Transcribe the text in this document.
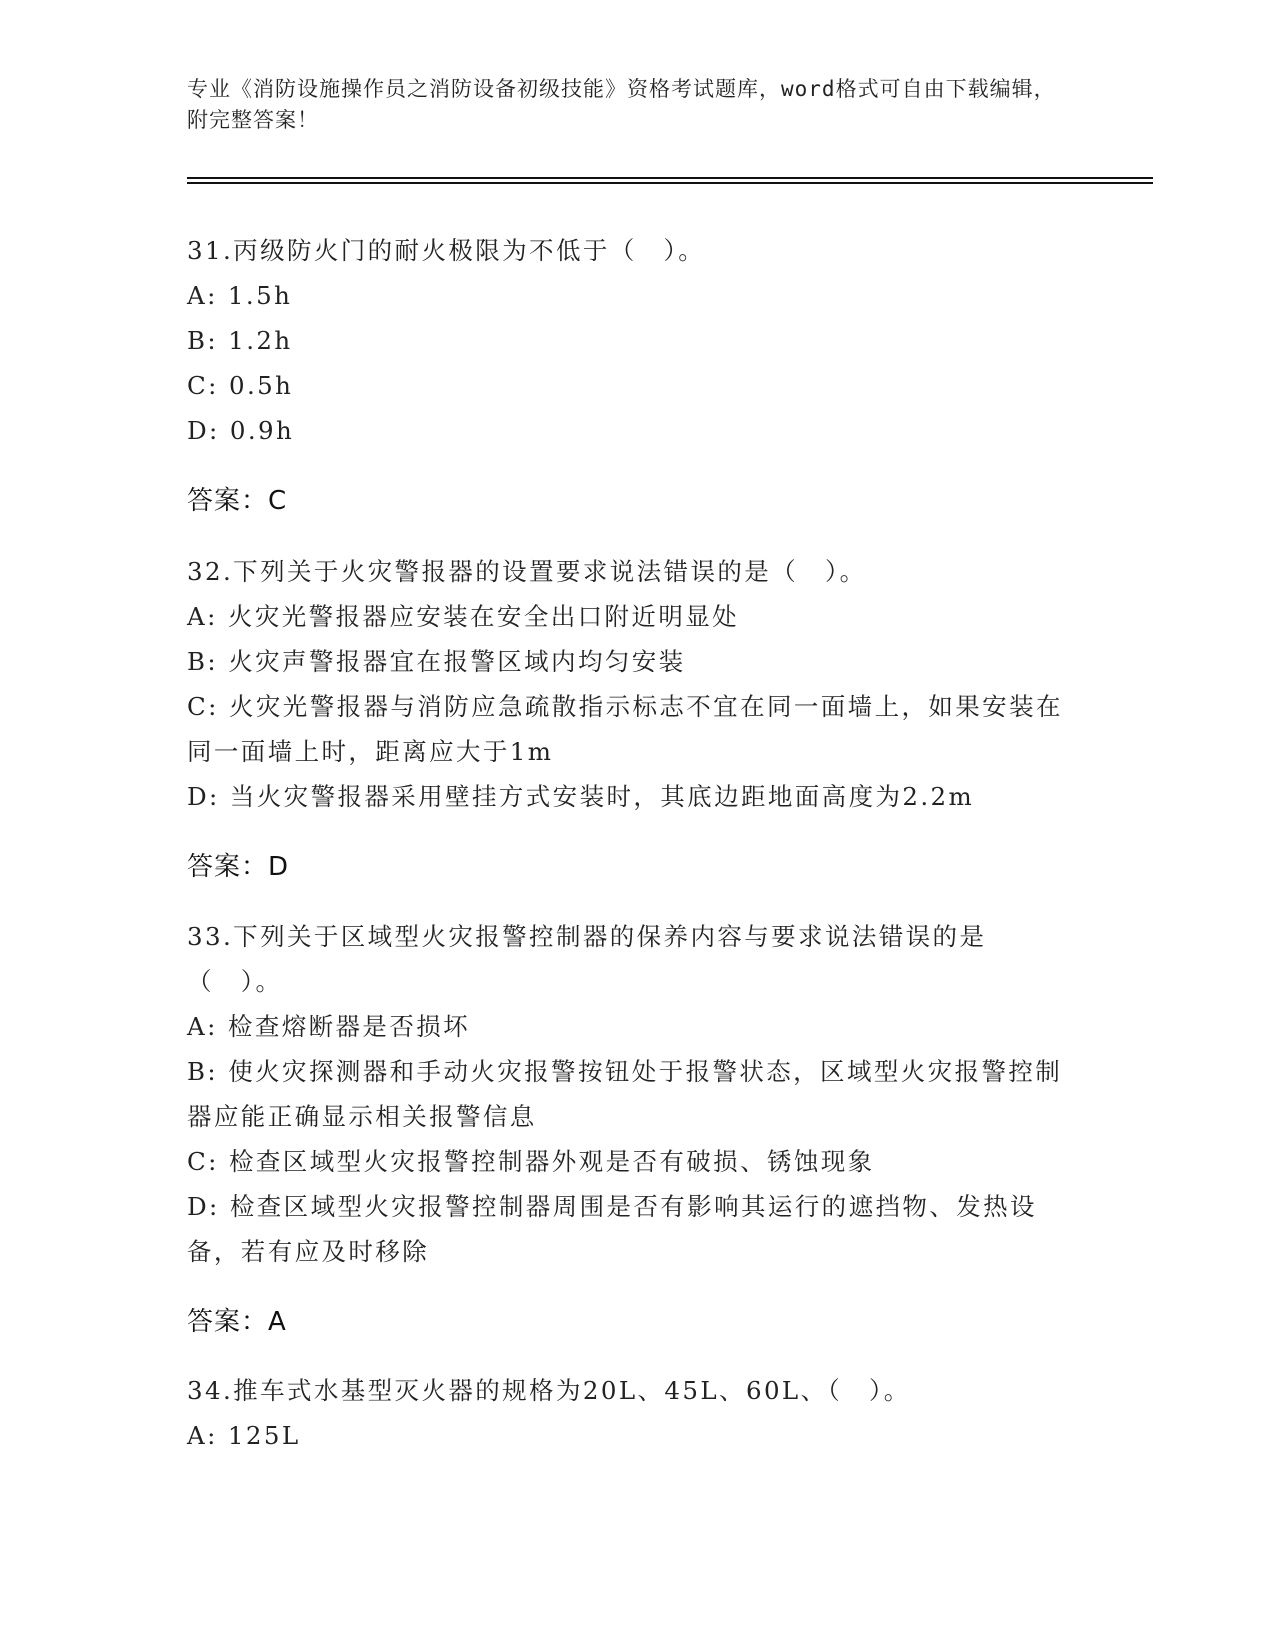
专业《消防设施操作员之消防设备初级技能》资格考试题库，word格式可自由下载编辑，附完整答案！

31.丙级防火门的耐火极限为不低于（　）。

A: 1.5h

B: 1.2h

C: 0.5h

D: 0.9h

答案：C

32.下列关于火灾警报器的设置要求说法错误的是（　）。

A: 火灾光警报器应安装在安全出口附近明显处

B: 火灾声警报器宜在报警区域内均匀安装

C: 火灾光警报器与消防应急疏散指示标志不宜在同一面墙上，如果安装在同一面墙上时，距离应大于1m

D: 当火灾警报器采用壁挂方式安装时，其底边距地面高度为2.2m

答案：D

33.下列关于区域型火灾报警控制器的保养内容与要求说法错误的是（　）。

A: 检查熔断器是否损坏

B: 使火灾探测器和手动火灾报警按钮处于报警状态，区域型火灾报警控制器应能正确显示相关报警信息

C: 检查区域型火灾报警控制器外观是否有破损、锈蚀现象

D: 检查区域型火灾报警控制器周围是否有影响其运行的遮挡物、发热设备，若有应及时移除

答案：A

34.推车式水基型灭火器的规格为20L、45L、60L、（　）。

A: 125L
